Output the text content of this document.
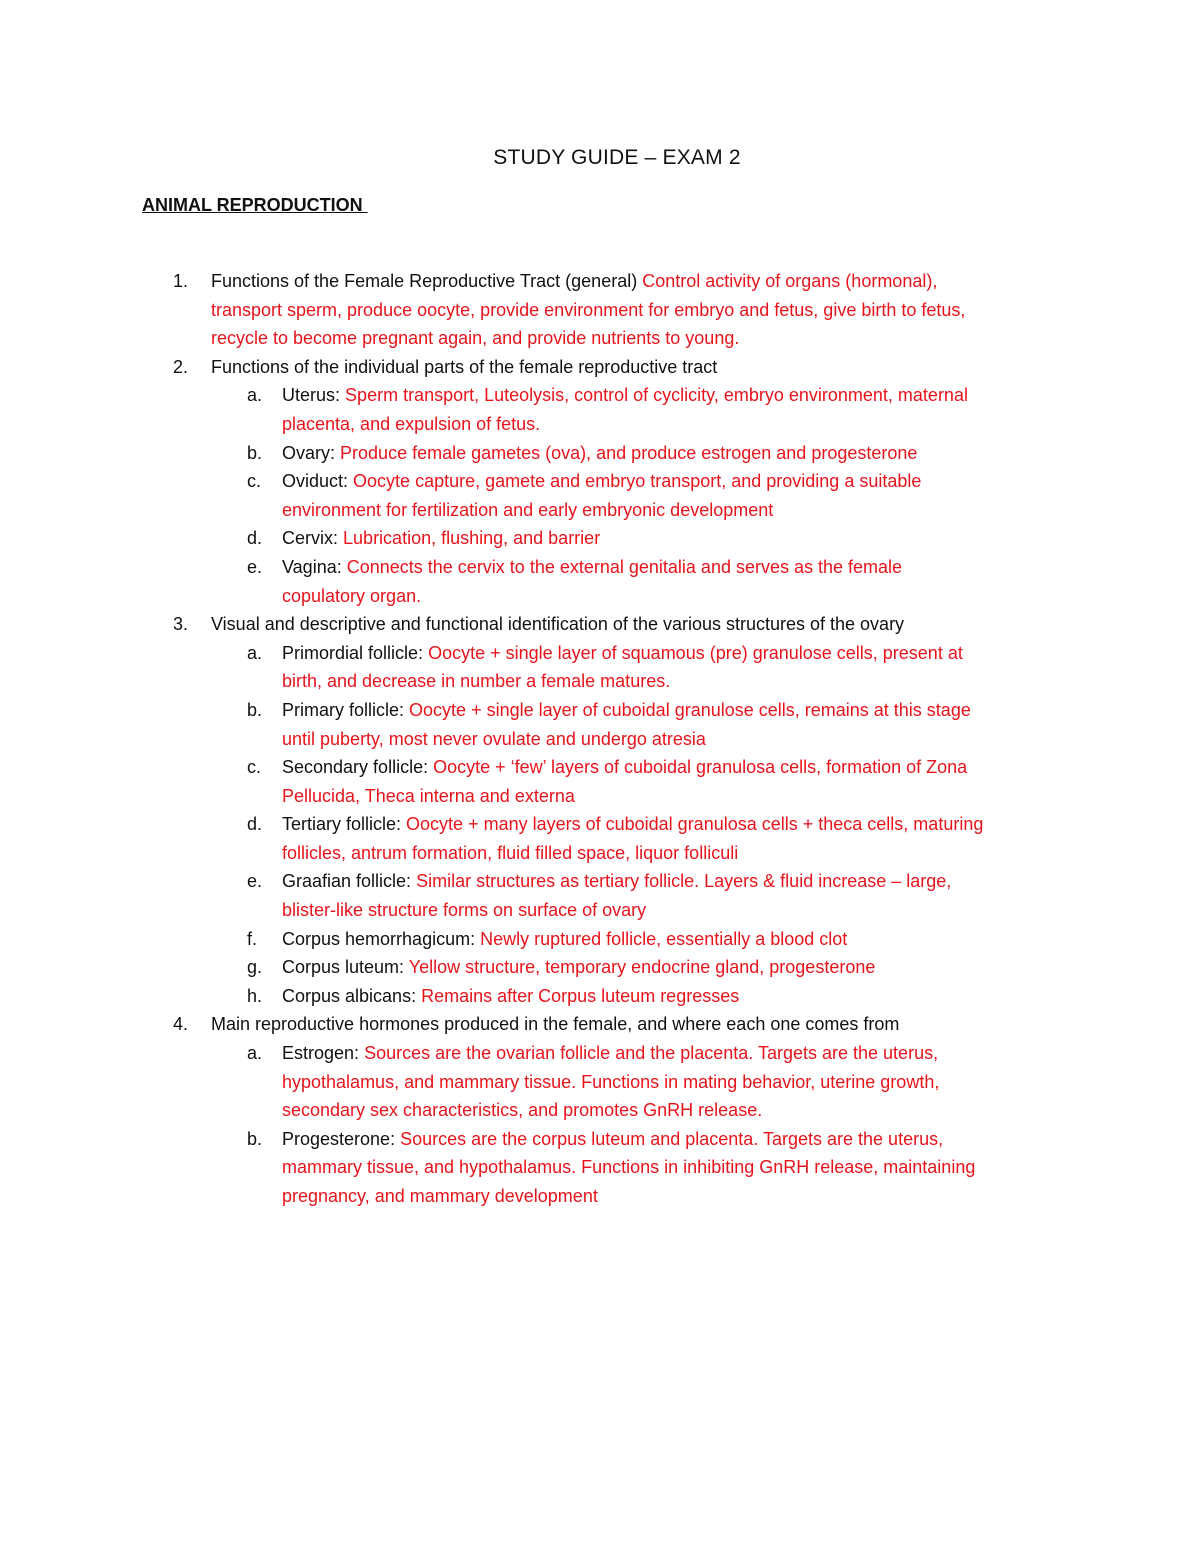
STUDY GUIDE – EXAM 2
ANIMAL REPRODUCTION
1. Functions of the Female Reproductive Tract (general) Control activity of organs (hormonal),
transport sperm, produce oocyte, provide environment for embryo and fetus, give birth to fetus,
recycle to become pregnant again, and provide nutrients to young.
2. Functions of the individual parts of the female reproductive tract
a. Uterus: Sperm transport, Luteolysis, control of cyclicity, embryo environment, maternal
placenta, and expulsion of fetus.
b. Ovary: Produce female gametes (ova), and produce estrogen and progesterone
c. Oviduct: Oocyte capture, gamete and embryo transport, and providing a suitable
environment for fertilization and early embryonic development
d. Cervix: Lubrication, flushing, and barrier
e. Vagina: Connects the cervix to the external genitalia and serves as the female
copulatory organ.
3. Visual and descriptive and functional identification of the various structures of the ovary
a. Primordial follicle: Oocyte + single layer of squamous (pre) granulose cells, present at
birth, and decrease in number a female matures.
b. Primary follicle: Oocyte + single layer of cuboidal granulose cells, remains at this stage
until puberty, most never ovulate and undergo atresia
c. Secondary follicle: Oocyte + ‘few’ layers of cuboidal granulosa cells, formation of Zona
Pellucida, Theca interna and externa
d. Tertiary follicle: Oocyte + many layers of cuboidal granulosa cells + theca cells, maturing
follicles, antrum formation, fluid filled space, liquor folliculi
e. Graafian follicle: Similar structures as tertiary follicle. Layers & fluid increase – large,
blister-like structure forms on surface of ovary
f. Corpus hemorrhagicum: Newly ruptured follicle, essentially a blood clot
g. Corpus luteum: Yellow structure, temporary endocrine gland, progesterone
h. Corpus albicans: Remains after Corpus luteum regresses
4. Main reproductive hormones produced in the female, and where each one comes from
a. Estrogen: Sources are the ovarian follicle and the placenta. Targets are the uterus,
hypothalamus, and mammary tissue. Functions in mating behavior, uterine growth,
secondary sex characteristics, and promotes GnRH release.
b. Progesterone: Sources are the corpus luteum and placenta. Targets are the uterus,
mammary tissue, and hypothalamus. Functions in inhibiting GnRH release, maintaining
pregnancy, and mammary development
